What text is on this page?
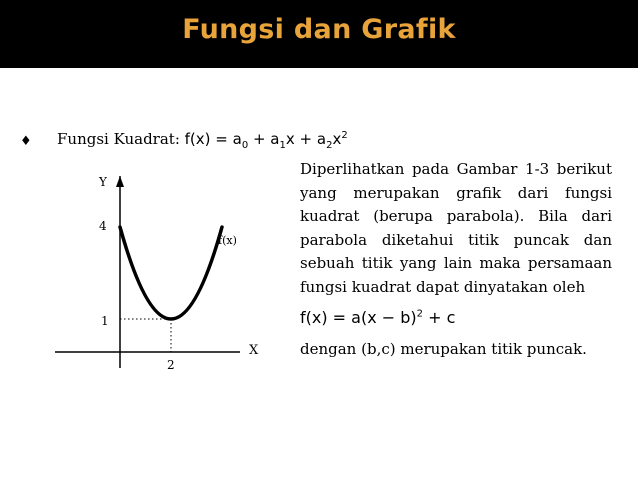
Fungsi dan Grafik
♦ Fungsi Kuadrat: $f(x) = a_0 + a_1x + a_2x^2$
Y
4
1
2
f(x)
X

Diperlihatkan pada Gambar 1-3 berikut yang merupakan grafik dari fungsi kuadrat (berupa parabola). Bila dari parabola diketahui titik puncak dan sebuah titik yang lain maka persamaan fungsi kuadrat dapat dinyatakan oleh

$f(x) = a(x - b)^2 + c$
dengan (b,c) merupakan titik puncak.
